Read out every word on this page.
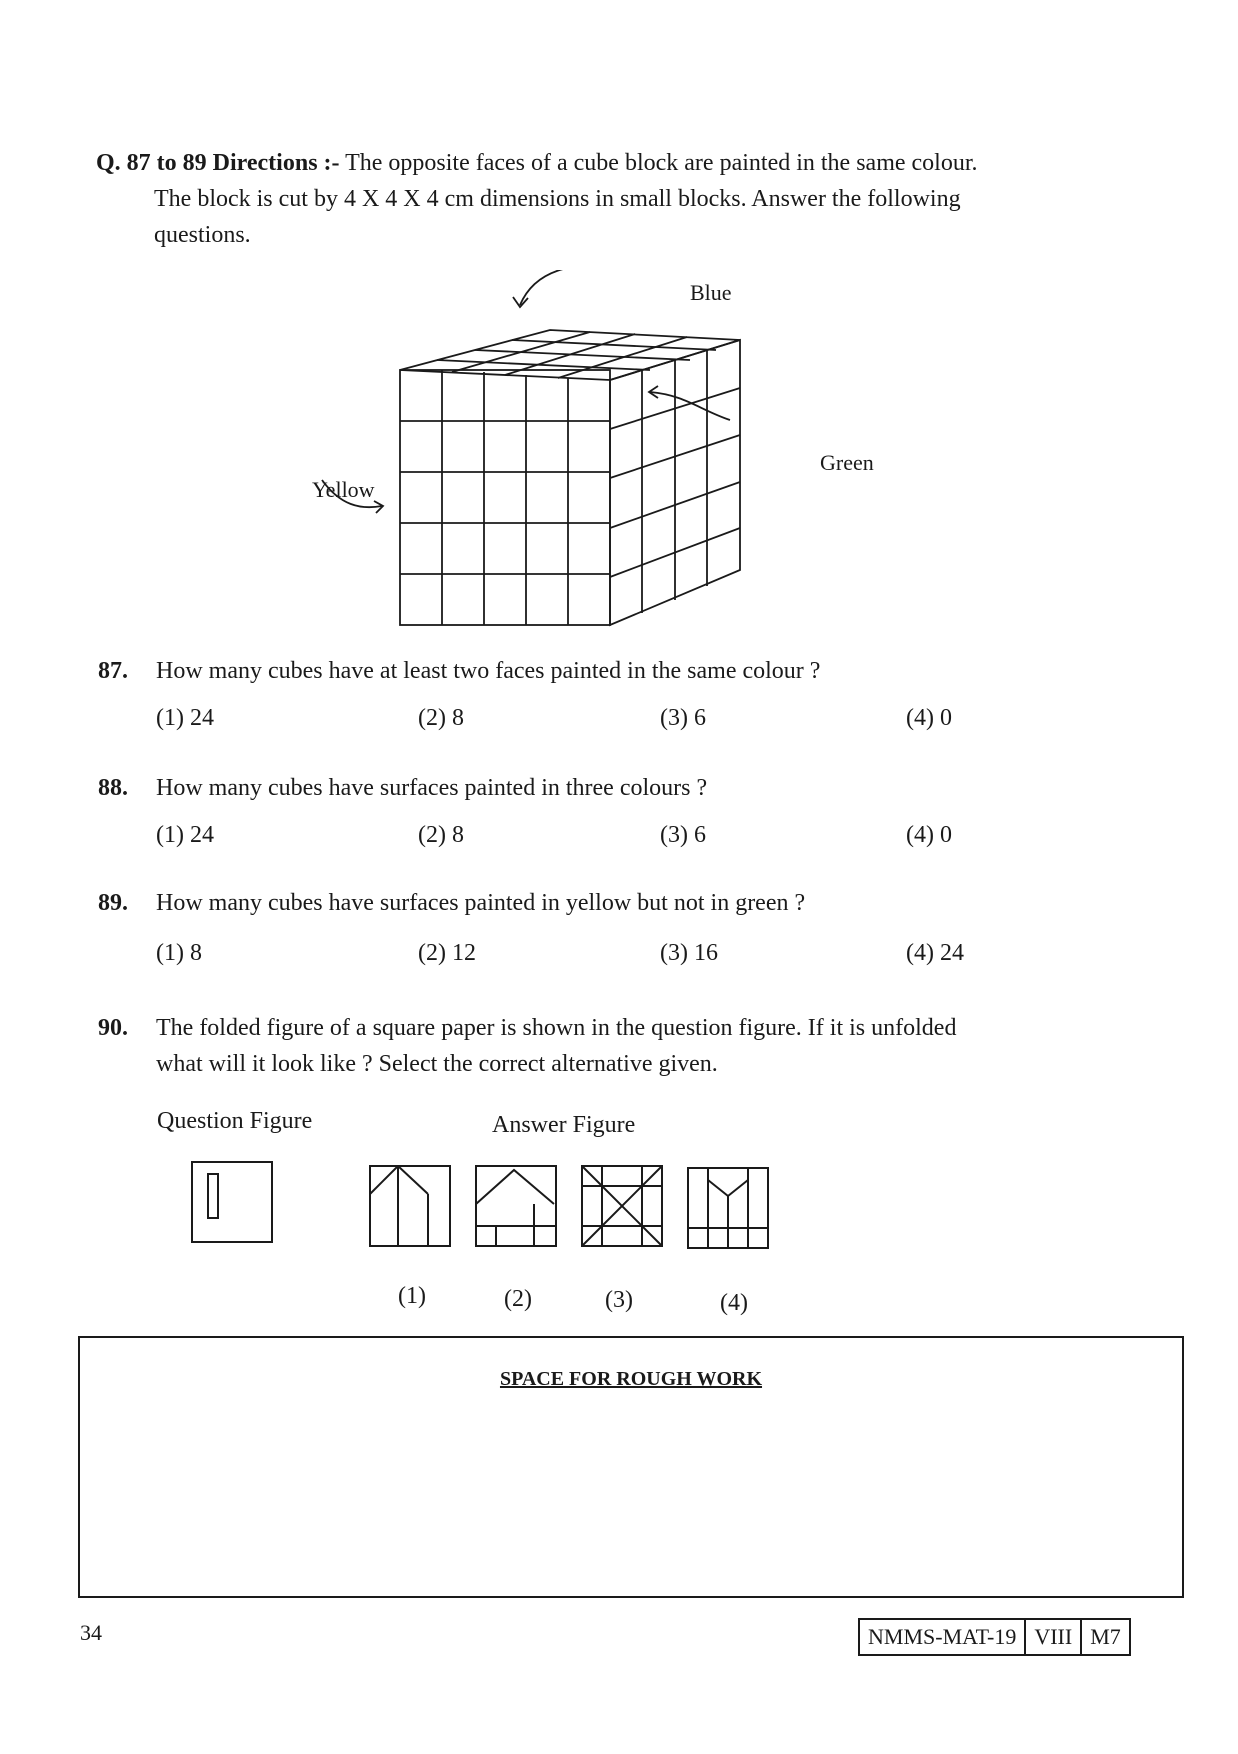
Q. 87 to 89 Directions :- The opposite faces of a cube block are painted in the same colour.
The block is cut by 4 X 4 X 4 cm dimensions in small blocks. Answer the following
questions.
Blue
Green
Yellow
87. How many cubes have at least two faces painted in the same colour ?
(1) 24	(2) 8	(3) 6	(4) 0
88. How many cubes have surfaces painted in three colours ?
(1) 24	(2) 8	(3) 6	(4) 0
89. How many cubes have surfaces painted in yellow but not in green ?
(1) 8	(2) 12	(3) 16	(4) 24
90. The folded figure of a square paper is shown in the question figure. If it is unfolded
what will it look like ? Select the correct alternative given.
Question Figure	Answer Figure
(1)	(2)	(3)	(4)
SPACE FOR ROUGH WORK
34	NMMS-MAT-19 VIII M7
